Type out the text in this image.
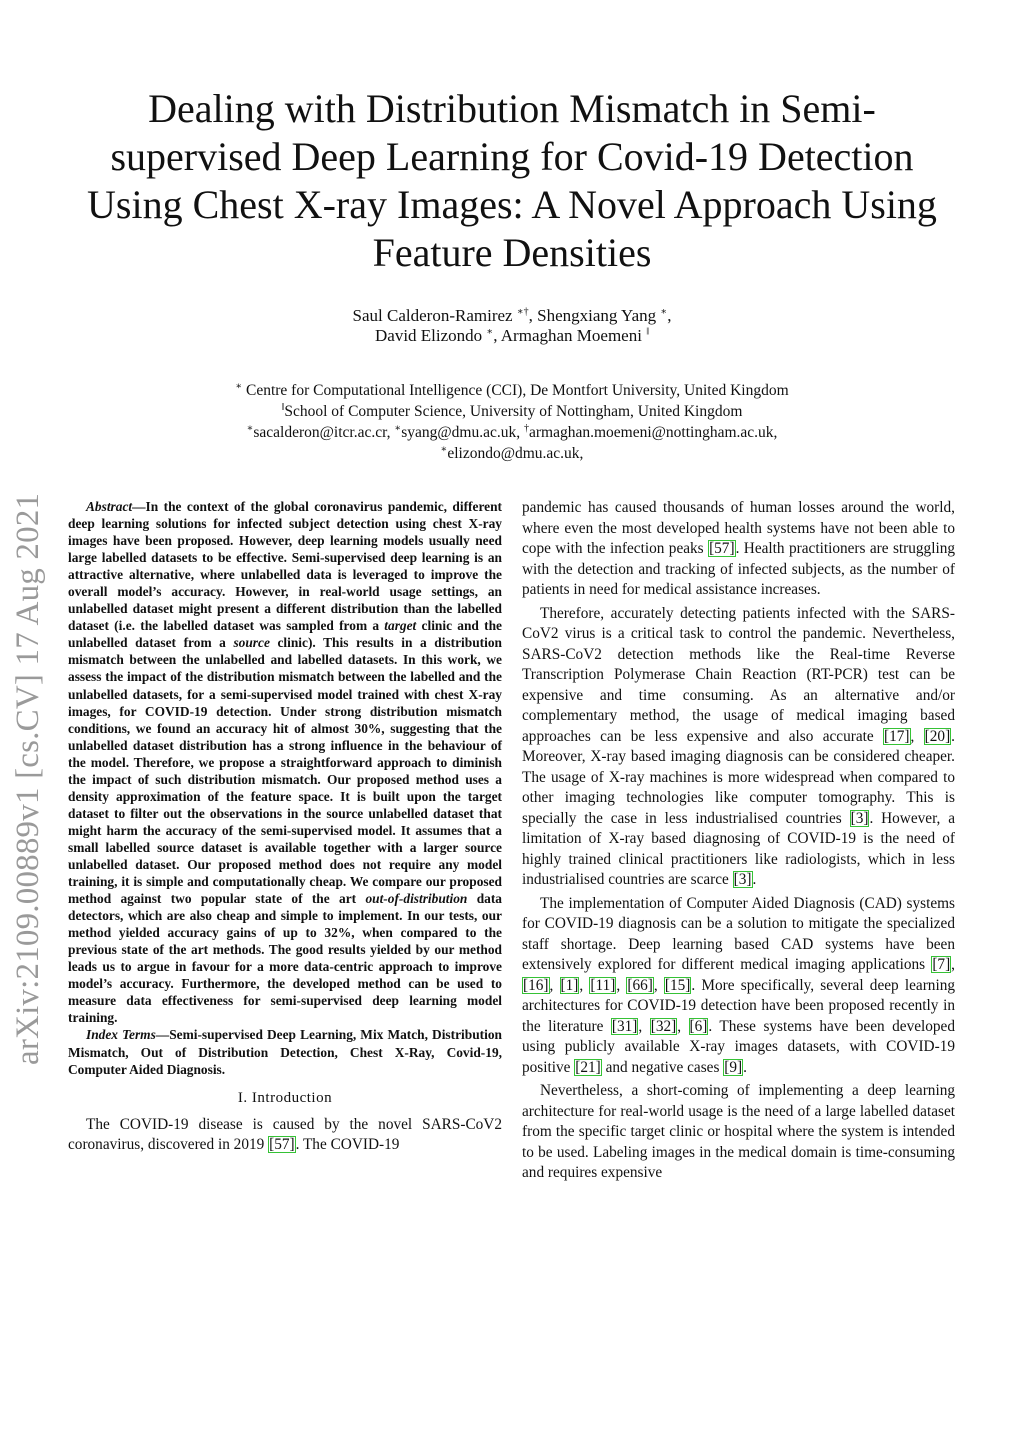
arXiv:2109.00889v1 [cs.CV] 17 Aug 2021
Dealing with Distribution Mismatch in Semi-supervised Deep Learning for Covid-19 Detection Using Chest X-ray Images: A Novel Approach Using Feature Densities
Saul Calderon-Ramirez ∗†, Shengxiang Yang ∗,
David Elizondo ∗, Armaghan Moemeni ‖
∗ Centre for Computational Intelligence (CCI), De Montfort University, United Kingdom
‖School of Computer Science, University of Nottingham, United Kingdom
∗sacalderon@itcr.ac.cr, ∗syang@dmu.ac.uk, †armaghan.moemeni@nottingham.ac.uk,
∗elizondo@dmu.ac.uk,

Abstract—In the context of the global coronavirus pandemic, different deep learning solutions for infected subject detection using chest X-ray images have been proposed. However, deep learning models usually need large labelled datasets to be effective. Semi-supervised deep learning is an attractive alternative, where unlabelled data is leveraged to improve the overall model’s accuracy. However, in real-world usage settings, an unlabelled dataset might present a different distribution than the labelled dataset (i.e. the labelled dataset was sampled from a target clinic and the unlabelled dataset from a source clinic). This results in a distribution mismatch between the unlabelled and labelled datasets. In this work, we assess the impact of the distribution mismatch between the labelled and the unlabelled datasets, for a semi-supervised model trained with chest X-ray images, for COVID-19 detection. Under strong distribution mismatch conditions, we found an accuracy hit of almost 30%, suggesting that the unlabelled dataset distribution has a strong influence in the behaviour of the model. Therefore, we propose a straightforward approach to diminish the impact of such distribution mismatch. Our proposed method uses a density approximation of the feature space. It is built upon the target dataset to filter out the observations in the source unlabelled dataset that might harm the accuracy of the semi-supervised model. It assumes that a small labelled source dataset is available together with a larger source unlabelled dataset. Our proposed method does not require any model training, it is simple and computationally cheap. We compare our proposed method against two popular state of the art out-of-distribution data detectors, which are also cheap and simple to implement. In our tests, our method yielded accuracy gains of up to 32%, when compared to the previous state of the art methods. The good results yielded by our method leads us to argue in favour for a more data-centric approach to improve model’s accuracy. Furthermore, the developed method can be used to measure data effectiveness for semi-supervised deep learning model training.

Index Terms—Semi-supervised Deep Learning, Mix Match, Distribution Mismatch, Out of Distribution Detection, Chest X-Ray, Covid-19, Computer Aided Diagnosis.

I. Introduction

The COVID-19 disease is caused by the novel SARS-CoV2 coronavirus, discovered in 2019 [57]. The COVID-19

pandemic has caused thousands of human losses around the world, where even the most developed health systems have not been able to cope with the infection peaks [57]. Health practitioners are struggling with the detection and tracking of infected subjects, as the number of patients in need for medical assistance increases.

Therefore, accurately detecting patients infected with the SARS-CoV2 virus is a critical task to control the pandemic. Nevertheless, SARS-CoV2 detection methods like the Real-time Reverse Transcription Polymerase Chain Reaction (RT-PCR) test can be expensive and time consuming. As an alternative and/or complementary method, the usage of medical imaging based approaches can be less expensive and also accurate [17], [20]. Moreover, X-ray based imaging diagnosis can be considered cheaper. The usage of X-ray machines is more widespread when compared to other imaging technologies like computer tomography. This is specially the case in less industrialised countries [3]. However, a limitation of X-ray based diagnosing of COVID-19 is the need of highly trained clinical practitioners like radiologists, which in less industrialised countries are scarce [3].

The implementation of Computer Aided Diagnosis (CAD) systems for COVID-19 diagnosis can be a solution to mitigate the specialized staff shortage. Deep learning based CAD systems have been extensively explored for different medical imaging applications [7], [16], [1], [11], [66], [15]. More specifically, several deep learning architectures for COVID-19 detection have been proposed recently in the literature [31], [32], [6]. These systems have been developed using publicly available X-ray images datasets, with COVID-19 positive [21] and negative cases [9].

Nevertheless, a short-coming of implementing a deep learning architecture for real-world usage is the need of a large labelled dataset from the specific target clinic or hospital where the system is intended to be used. Labeling images in the medical domain is time-consuming and requires expensive
